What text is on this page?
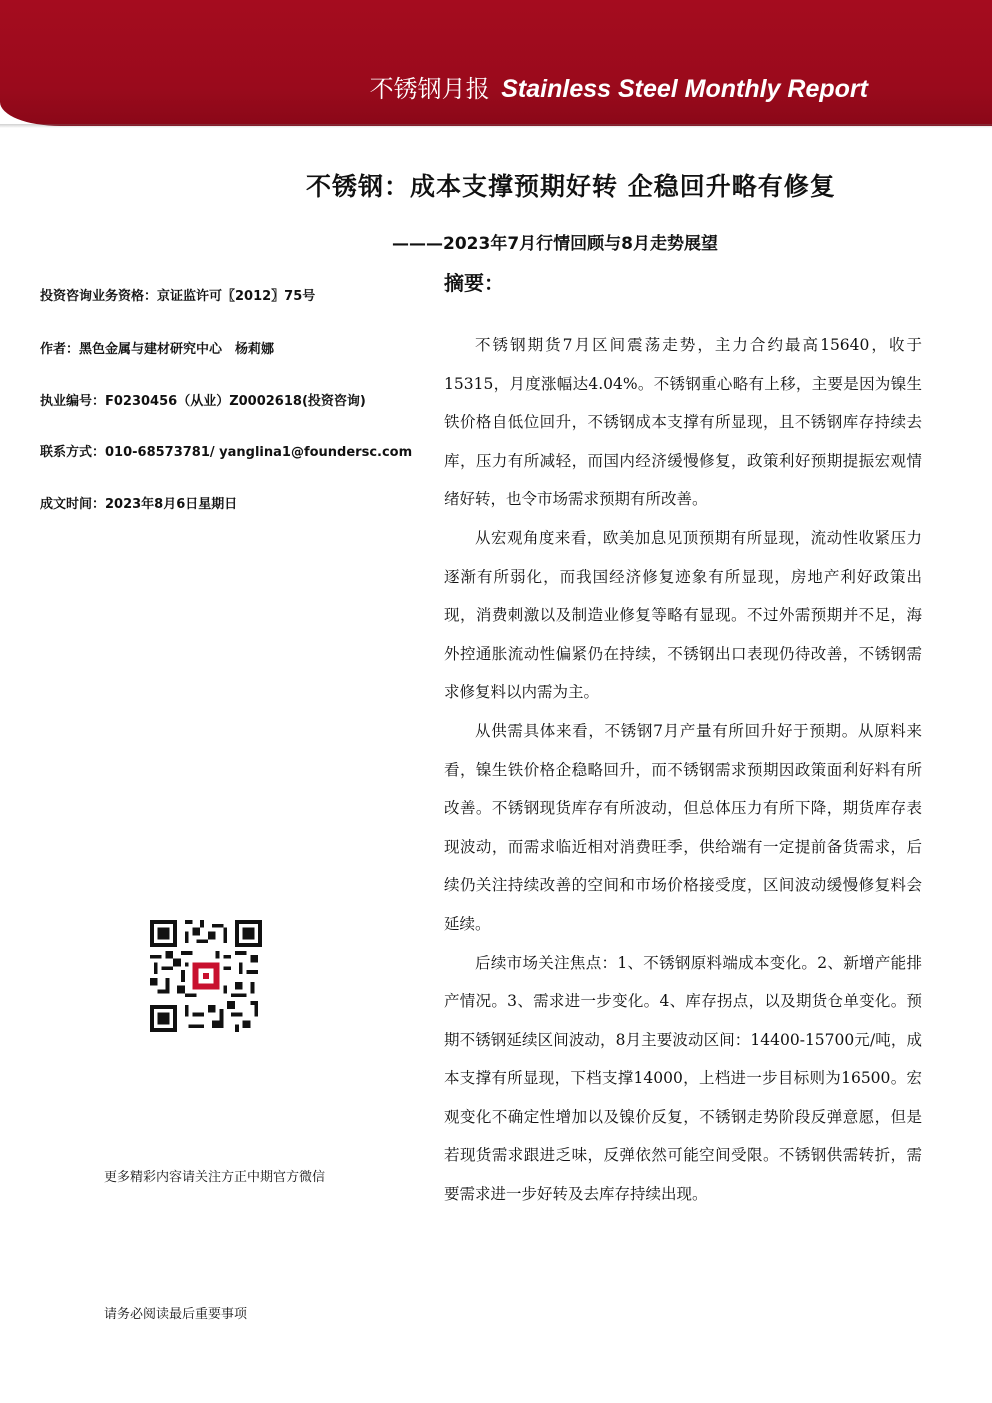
不锈钢月报 Stainless Steel Monthly Report
不锈钢：成本支撑预期好转 企稳回升略有修复
———2023年7月行情回顾与8月走势展望
摘要：
投资咨询业务资格：京证监许可〖2012〗75号
作者：黑色金属与建材研究中心　杨莉娜
执业编号：F0230456（从业）Z0002618(投资咨询)
联系方式：010-68573781/ yanglina1@foundersc.com
成文时间：2023年8月6日星期日

不锈钢期货7月区间震荡走势，主力合约最高15640，收于15315，月度涨幅达4.04%。不锈钢重心略有上移，主要是因为镍生铁价格自低位回升，不锈钢成本支撑有所显现，且不锈钢库存持续去库，压力有所减轻，而国内经济缓慢修复，政策利好预期提振宏观情绪好转，也令市场需求预期有所改善。

从宏观角度来看，欧美加息见顶预期有所显现，流动性收紧压力逐渐有所弱化，而我国经济修复迹象有所显现，房地产利好政策出现，消费刺激以及制造业修复等略有显现。不过外需预期并不足，海外控通胀流动性偏紧仍在持续，不锈钢出口表现仍待改善，不锈钢需求修复料以内需为主。

从供需具体来看，不锈钢7月产量有所回升好于预期。从原料来看，镍生铁价格企稳略回升，而不锈钢需求预期因政策面利好料有所改善。不锈钢现货库存有所波动，但总体压力有所下降，期货库存表现波动，而需求临近相对消费旺季，供给端有一定提前备货需求，后续仍关注持续改善的空间和市场价格接受度，区间波动缓慢修复料会延续。

后续市场关注焦点：1、不锈钢原料端成本变化。2、新增产能排产情况。3、需求进一步变化。4、库存拐点，以及期货仓单变化。预期不锈钢延续区间波动，8月主要波动区间：14400-15700元/吨，成本支撑有所显现，下档支撑14000，上档进一步目标则为16500。宏观变化不确定性增加以及镍价反复，不锈钢走势阶段反弹意愿，但是若现货需求跟进乏味，反弹依然可能空间受限。不锈钢供需转折，需要需求进一步好转及去库存持续出现。

更多精彩内容请关注方正中期官方微信
请务必阅读最后重要事项
